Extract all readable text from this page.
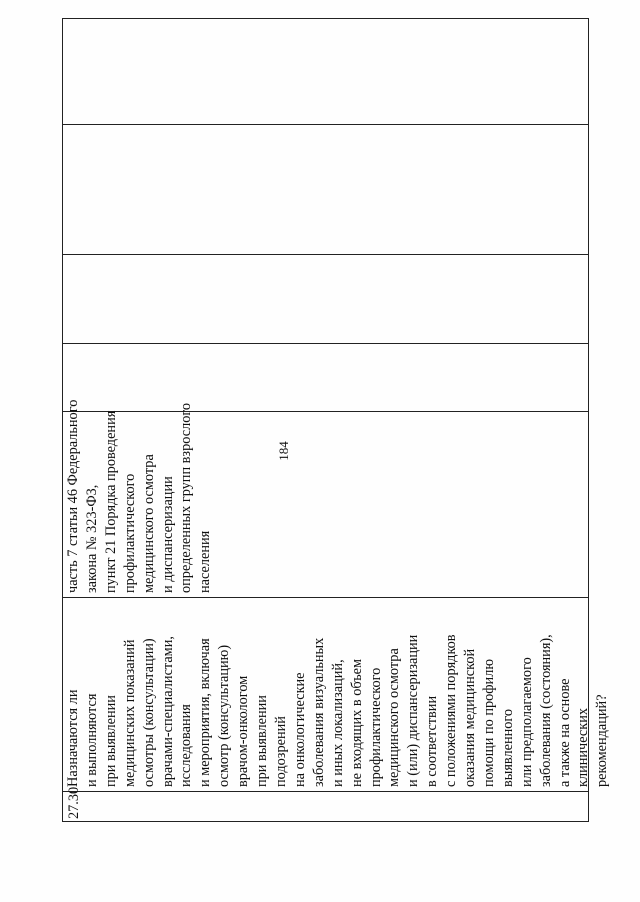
184
27.30
Назначаются ли и выполняются при выявлении медицинских показаний осмотры (консультации) врачами-специалистами, исследования и мероприятия, включая осмотр (консультацию) врачом-онкологом при выявлении подозрений на онкологические заболевания визуальных и иных локализаций, не входящих в объем профилактического медицинского осмотра и (или) диспансеризации в соответствии с положениями порядков оказания медицинской помощи по профилю выявленного или предполагаемого заболевания (состояния), а также на основе клинических рекомендаций?
часть 7 статьи 46 Федерального закона № 323-ФЗ, пункт 21 Порядка проведения профилактического медицинского осмотра и диспансеризации определенных групп взрослого населения
